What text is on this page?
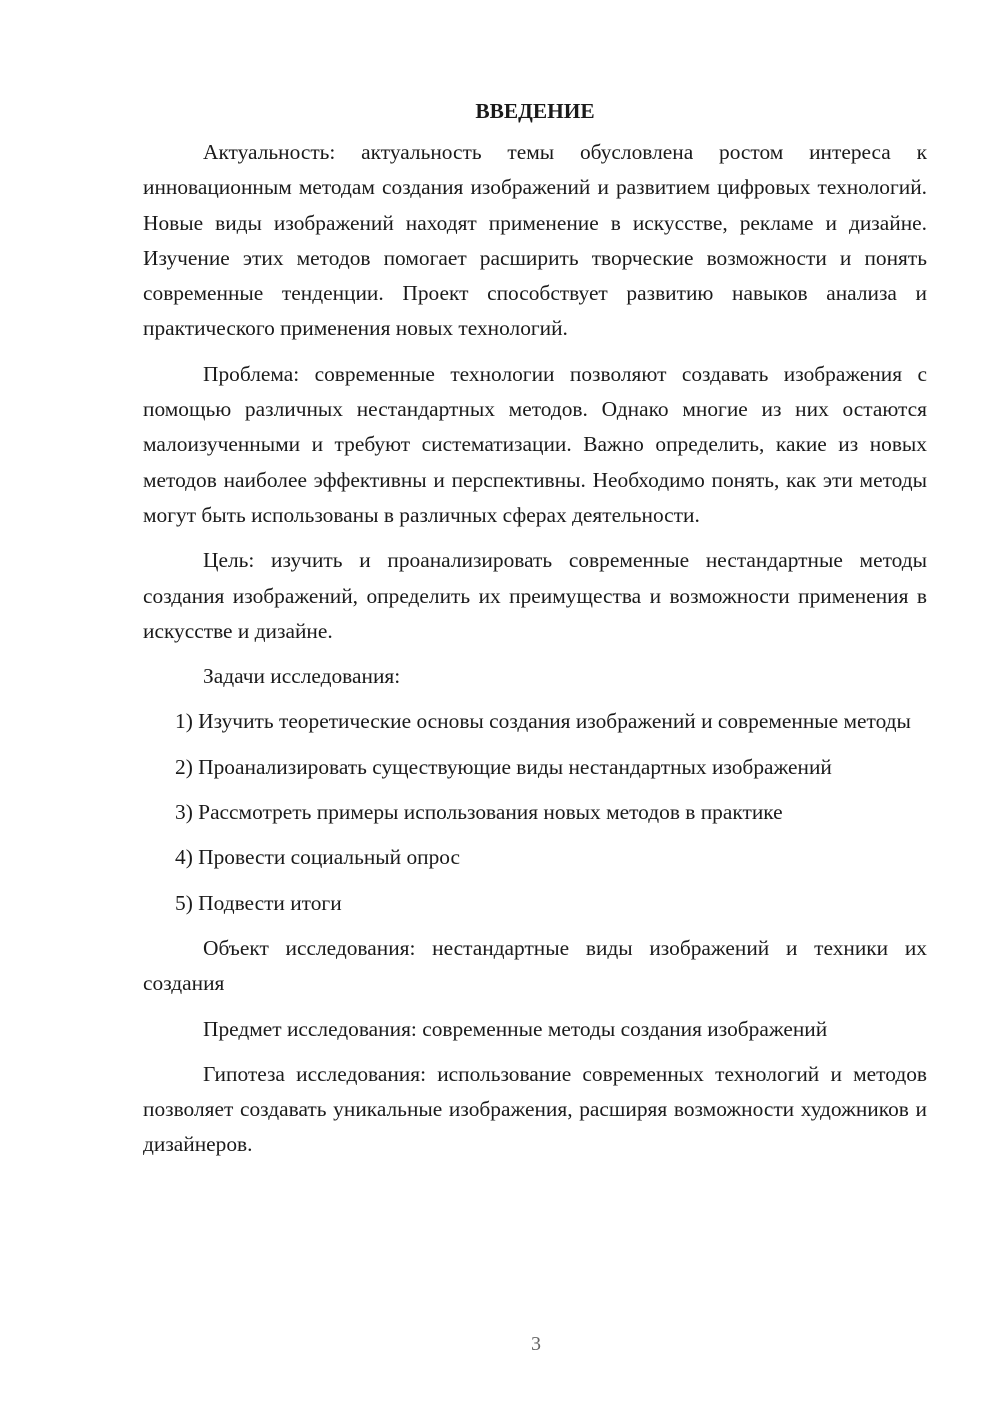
ВВЕДЕНИЕ

Актуальность: актуальность темы обусловлена ростом интереса к инновационным методам создания изображений и развитием цифровых технологий. Новые виды изображений находят применение в искусстве, рекламе и дизайне. Изучение этих методов помогает расширить творческие возможности и понять современные тенденции. Проект способствует развитию навыков анализа и практического применения новых технологий.

Проблема: современные технологии позволяют создавать изображения с помощью различных нестандартных методов. Однако многие из них остаются малоизученными и требуют систематизации. Важно определить, какие из новых методов наиболее эффективны и перспективны. Необходимо понять, как эти методы могут быть использованы в различных сферах деятельности.

Цель: изучить и проанализировать современные нестандартные методы создания изображений, определить их преимущества и возможности применения в искусстве и дизайне.

Задачи исследования:

1) Изучить теоретические основы создания изображений и современные методы

2) Проанализировать существующие виды нестандартных изображений

3) Рассмотреть примеры использования новых методов в практике

4) Провести социальный опрос

5) Подвести итоги

Объект исследования: нестандартные виды изображений и техники их создания

Предмет исследования: современные методы создания изображений

Гипотеза исследования: использование современных технологий и методов позволяет создавать уникальные изображения, расширяя возможности художников и дизайнеров.

3
